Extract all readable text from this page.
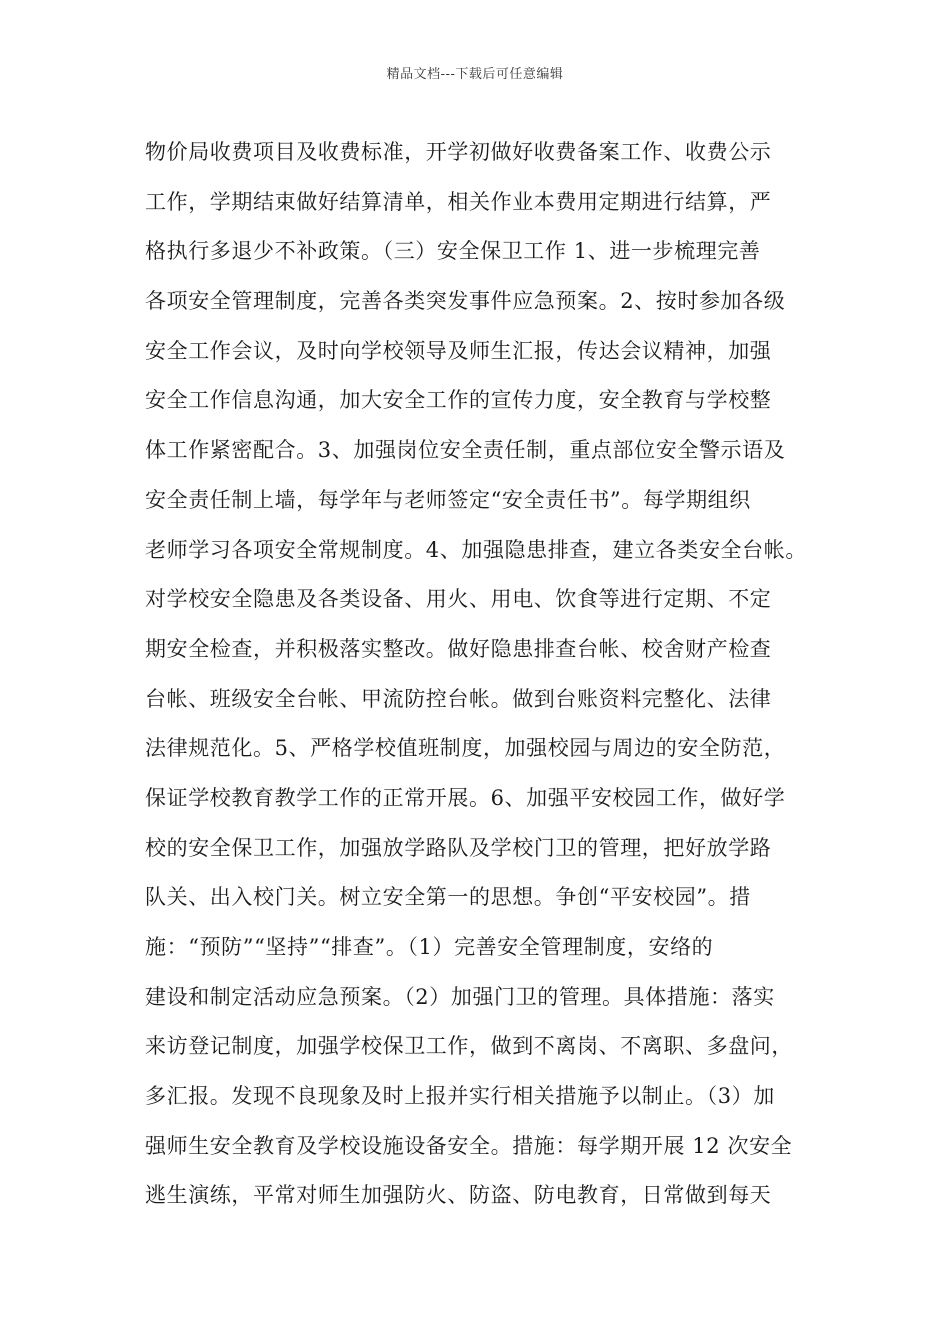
精品文档---下载后可任意编辑
物价局收费项目及收费标准，开学初做好收费备案工作、收费公示
工作，学期结束做好结算清单，相关作业本费用定期进行结算，严
格执行多退少不补政策。（三）安全保卫工作 1、进一步梳理完善
各项安全管理制度，完善各类突发事件应急预案。2、按时参加各级
安全工作会议，及时向学校领导及师生汇报，传达会议精神，加强
安全工作信息沟通，加大安全工作的宣传力度，安全教育与学校整
体工作紧密配合。3、加强岗位安全责任制，重点部位安全警示语及
安全责任制上墙，每学年与老师签定“安全责任书”。每学期组织
老师学习各项安全常规制度。4、加强隐患排查，建立各类安全台帐。
对学校安全隐患及各类设备、用火、用电、饮食等进行定期、不定
期安全检查，并积极落实整改。做好隐患排查台帐、校舍财产检查
台帐、班级安全台帐、甲流防控台帐。做到台账资料完整化、法律
法律规范化。5、严格学校值班制度，加强校园与周边的安全防范，
保证学校教育教学工作的正常开展。6、加强平安校园工作，做好学
校的安全保卫工作，加强放学路队及学校门卫的管理，把好放学路
队关、出入校门关。树立安全第一的思想。争创“平安校园”。措
施：“预防”“坚持”“排查”。（1）完善安全管理制度，安络的
建设和制定活动应急预案。（2）加强门卫的管理。具体措施：落实
来访登记制度，加强学校保卫工作，做到不离岗、不离职、多盘问，
多汇报。发现不良现象及时上报并实行相关措施予以制止。（3）加
强师生安全教育及学校设施设备安全。措施：每学期开展 12 次安全
逃生演练，平常对师生加强防火、防盗、防电教育，日常做到每天
